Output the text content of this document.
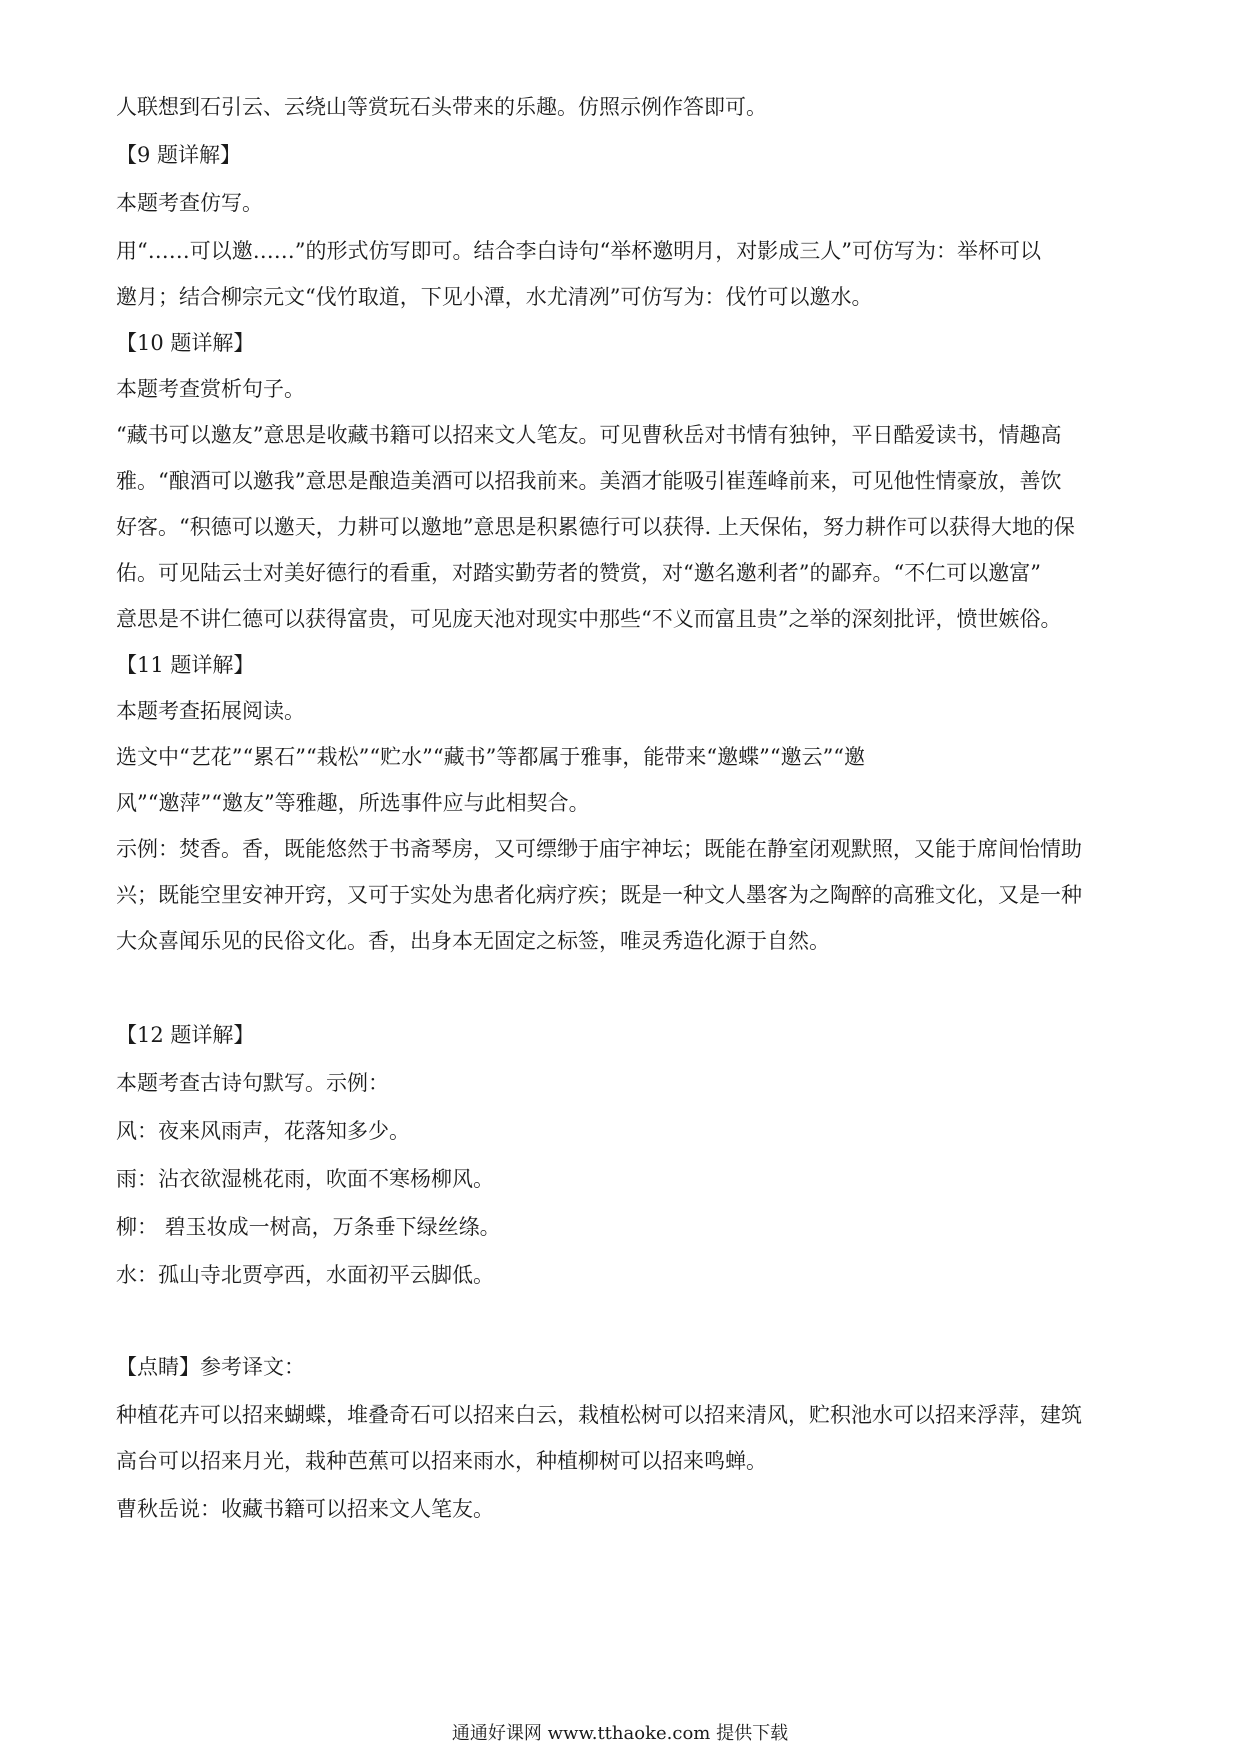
人联想到石引云、云绕山等赏玩石头带来的乐趣。仿照示例作答即可。
【9 题详解】
本题考查仿写。
用“……可以邀……”的形式仿写即可。结合李白诗句“举杯邀明月，对影成三人”可仿写为：举杯可以
邀月；结合柳宗元文“伐竹取道，下见小潭，水尤清冽”可仿写为：伐竹可以邀水。
【10 题详解】
本题考查赏析句子。
“藏书可以邀友”意思是收藏书籍可以招来文人笔友。可见曹秋岳对书情有独钟，平日酷爱读书，情趣高
雅。“酿酒可以邀我”意思是酿造美酒可以招我前来。美酒才能吸引崔莲峰前来，可见他性情豪放，善饮
好客。“积德可以邀天，力耕可以邀地”意思是积累德行可以获得. 上天保佑，努力耕作可以获得大地的保
佑。可见陆云士对美好德行的看重，对踏实勤劳者的赞赏，对“邀名邀利者”的鄙弃。“不仁可以邀富”
意思是不讲仁德可以获得富贵，可见庞天池对现实中那些“不义而富且贵”之举的深刻批评，愤世嫉俗。
【11 题详解】
本题考查拓展阅读。
选文中“艺花”“累石”“栽松”“贮水”“藏书”等都属于雅事，能带来“邀蝶”“邀云”“邀
风”“邀萍”“邀友”等雅趣，所选事件应与此相契合。
示例：焚香。香，既能悠然于书斋琴房，又可缥缈于庙宇神坛；既能在静室闭观默照，又能于席间怡情助
兴；既能空里安神开窍，又可于实处为患者化病疗疾；既是一种文人墨客为之陶醉的高雅文化，又是一种
大众喜闻乐见的民俗文化。香，出身本无固定之标签，唯灵秀造化源于自然。
【12 题详解】
本题考查古诗句默写。示例：
风：夜来风雨声，花落知多少。
雨：沾衣欲湿桃花雨，吹面不寒杨柳风。
柳： 碧玉妆成一树高，万条垂下绿丝绦。
水：孤山寺北贾亭西，水面初平云脚低。
【点睛】参考译文：
种植花卉可以招来蝴蝶，堆叠奇石可以招来白云，栽植松树可以招来清风，贮积池水可以招来浮萍，建筑
高台可以招来月光，栽种芭蕉可以招来雨水，种植柳树可以招来鸣蝉。
曹秋岳说：收藏书籍可以招来文人笔友。
通通好课网 www.tthaoke.com 提供下载
